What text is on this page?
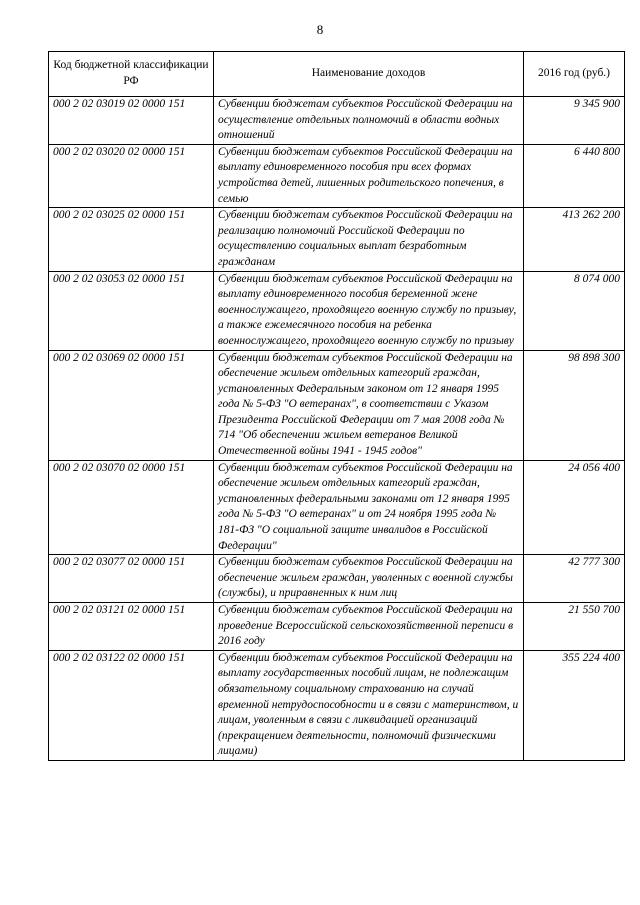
8
Код бюджетной классификации РФ	Наименование доходов	2016 год (руб.)
000 2 02 03019 02 0000 151	Субвенции бюджетам субъектов Российской Федерации на осуществление отдельных полномочий в области водных отношений	9 345 900
000 2 02 03020 02 0000 151	Субвенции бюджетам субъектов Российской Федерации на выплату единовременного пособия при всех формах устройства детей, лишенных родительского попечения, в семью	6 440 800
000 2 02 03025 02 0000 151	Субвенции бюджетам субъектов Российской Федерации на реализацию полномочий Российской Федерации по осуществлению социальных выплат безработным гражданам	413 262 200
000 2 02 03053 02 0000 151	Субвенции бюджетам субъектов Российской Федерации на выплату единовременного пособия беременной жене военнослужащего, проходящего военную службу по призыву, а также ежемесячного пособия на ребенка военнослужащего, проходящего военную службу по призыву	8 074 000
000 2 02 03069 02 0000 151	Субвенции бюджетам субъектов Российской Федерации на обеспечение жильем отдельных категорий граждан, установленных Федеральным законом от 12 января 1995 года № 5-ФЗ "О ветеранах", в соответствии с Указом Президента Российской Федерации от 7 мая 2008 года № 714 "Об обеспечении жильем ветеранов Великой Отечественной войны 1941 - 1945 годов"	98 898 300
000 2 02 03070 02 0000 151	Субвенции бюджетам субъектов Российской Федерации на обеспечение жильем отдельных категорий граждан, установленных федеральными законами от 12 января 1995 года № 5-ФЗ "О ветеранах" и от 24 ноября 1995 года № 181-ФЗ "О социальной защите инвалидов в Российской Федерации"	24 056 400
000 2 02 03077 02 0000 151	Субвенции бюджетам субъектов Российской Федерации на обеспечение жильем граждан, уволенных с военной службы (службы), и приравненных к ним лиц	42 777 300
000 2 02 03121 02 0000 151	Субвенции бюджетам субъектов Российской Федерации на проведение Всероссийской сельскохозяйственной переписи в 2016 году	21 550 700
000 2 02 03122 02 0000 151	Субвенции бюджетам субъектов Российской Федерации на выплату государственных пособий лицам, не подлежащим обязательному социальному страхованию на случай временной нетрудоспособности и в связи с материнством, и лицам, уволенным в связи с ликвидацией организаций (прекращением деятельности, полномочий физическими лицами)	355 224 400
